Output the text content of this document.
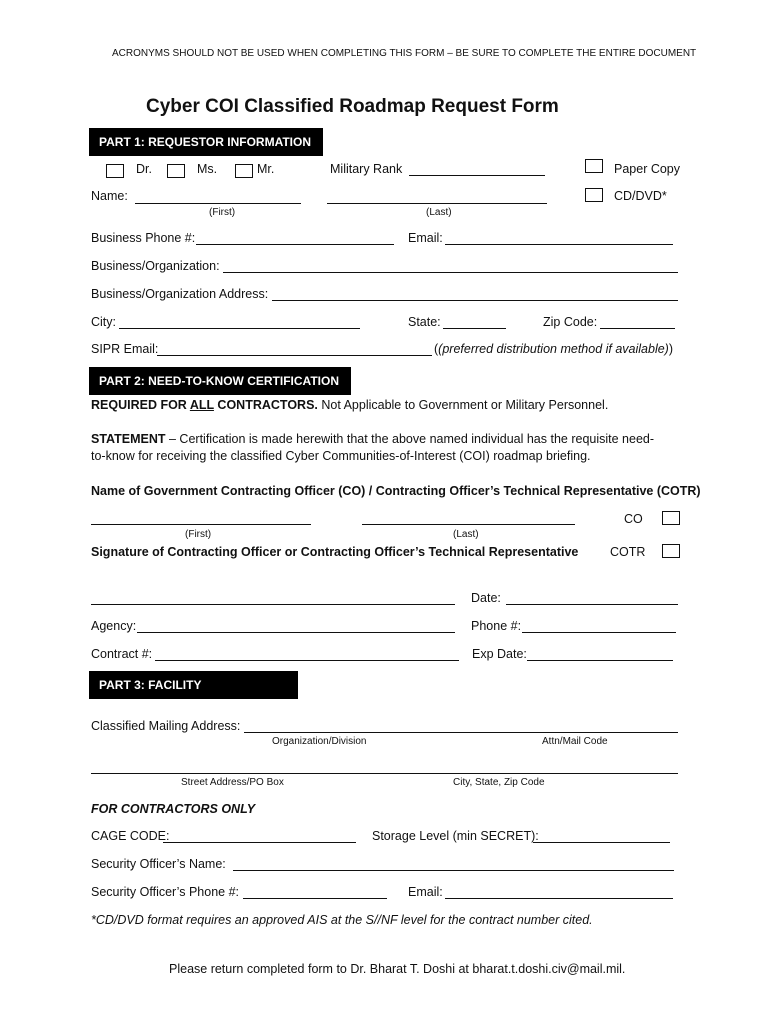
ACRONYMS SHOULD NOT BE USED WHEN COMPLETING THIS FORM – BE SURE TO COMPLETE THE ENTIRE DOCUMENT
Cyber COI Classified Roadmap Request Form
PART 1: REQUESTOR INFORMATION
Dr.	Ms.	Mr.	Military Rank	Paper Copy
CD/DVD*
Name:
(First)	(Last)
Business Phone #:	Email:
Business/Organization:
Business/Organization Address:
City:	State:	Zip Code:
SIPR Email:	((preferred distribution method if available))
PART 2: NEED-TO-KNOW CERTIFICATION
REQUIRED FOR ALL CONTRACTORS. Not Applicable to Government or Military Personnel.
STATEMENT – Certification is made herewith that the above named individual has the requisite need-
to-know for receiving the classified Cyber Communities-of-Interest (COI) roadmap briefing.
Name of Government Contracting Officer (CO) / Contracting Officer’s Technical Representative (COTR)
CO
(First)	(Last)
Signature of Contracting Officer or Contracting Officer’s Technical Representative	COTR
Date:
Agency:	Phone #:
Contract #:	Exp Date:
PART 3: FACILITY INFORMATION
Classified Mailing Address:
Organization/Division	Attn/Mail Code
Street Address/PO Box	City, State, Zip Code
FOR CONTRACTORS ONLY
CAGE CODE:	Storage Level (min SECRET):
Security Officer’s Name:
Security Officer’s Phone #:	Email:
*CD/DVD format requires an approved AIS at the S//NF level for the contract number cited.
Please return completed form to Dr. Bharat T. Doshi at bharat.t.doshi.civ@mail.mil.
